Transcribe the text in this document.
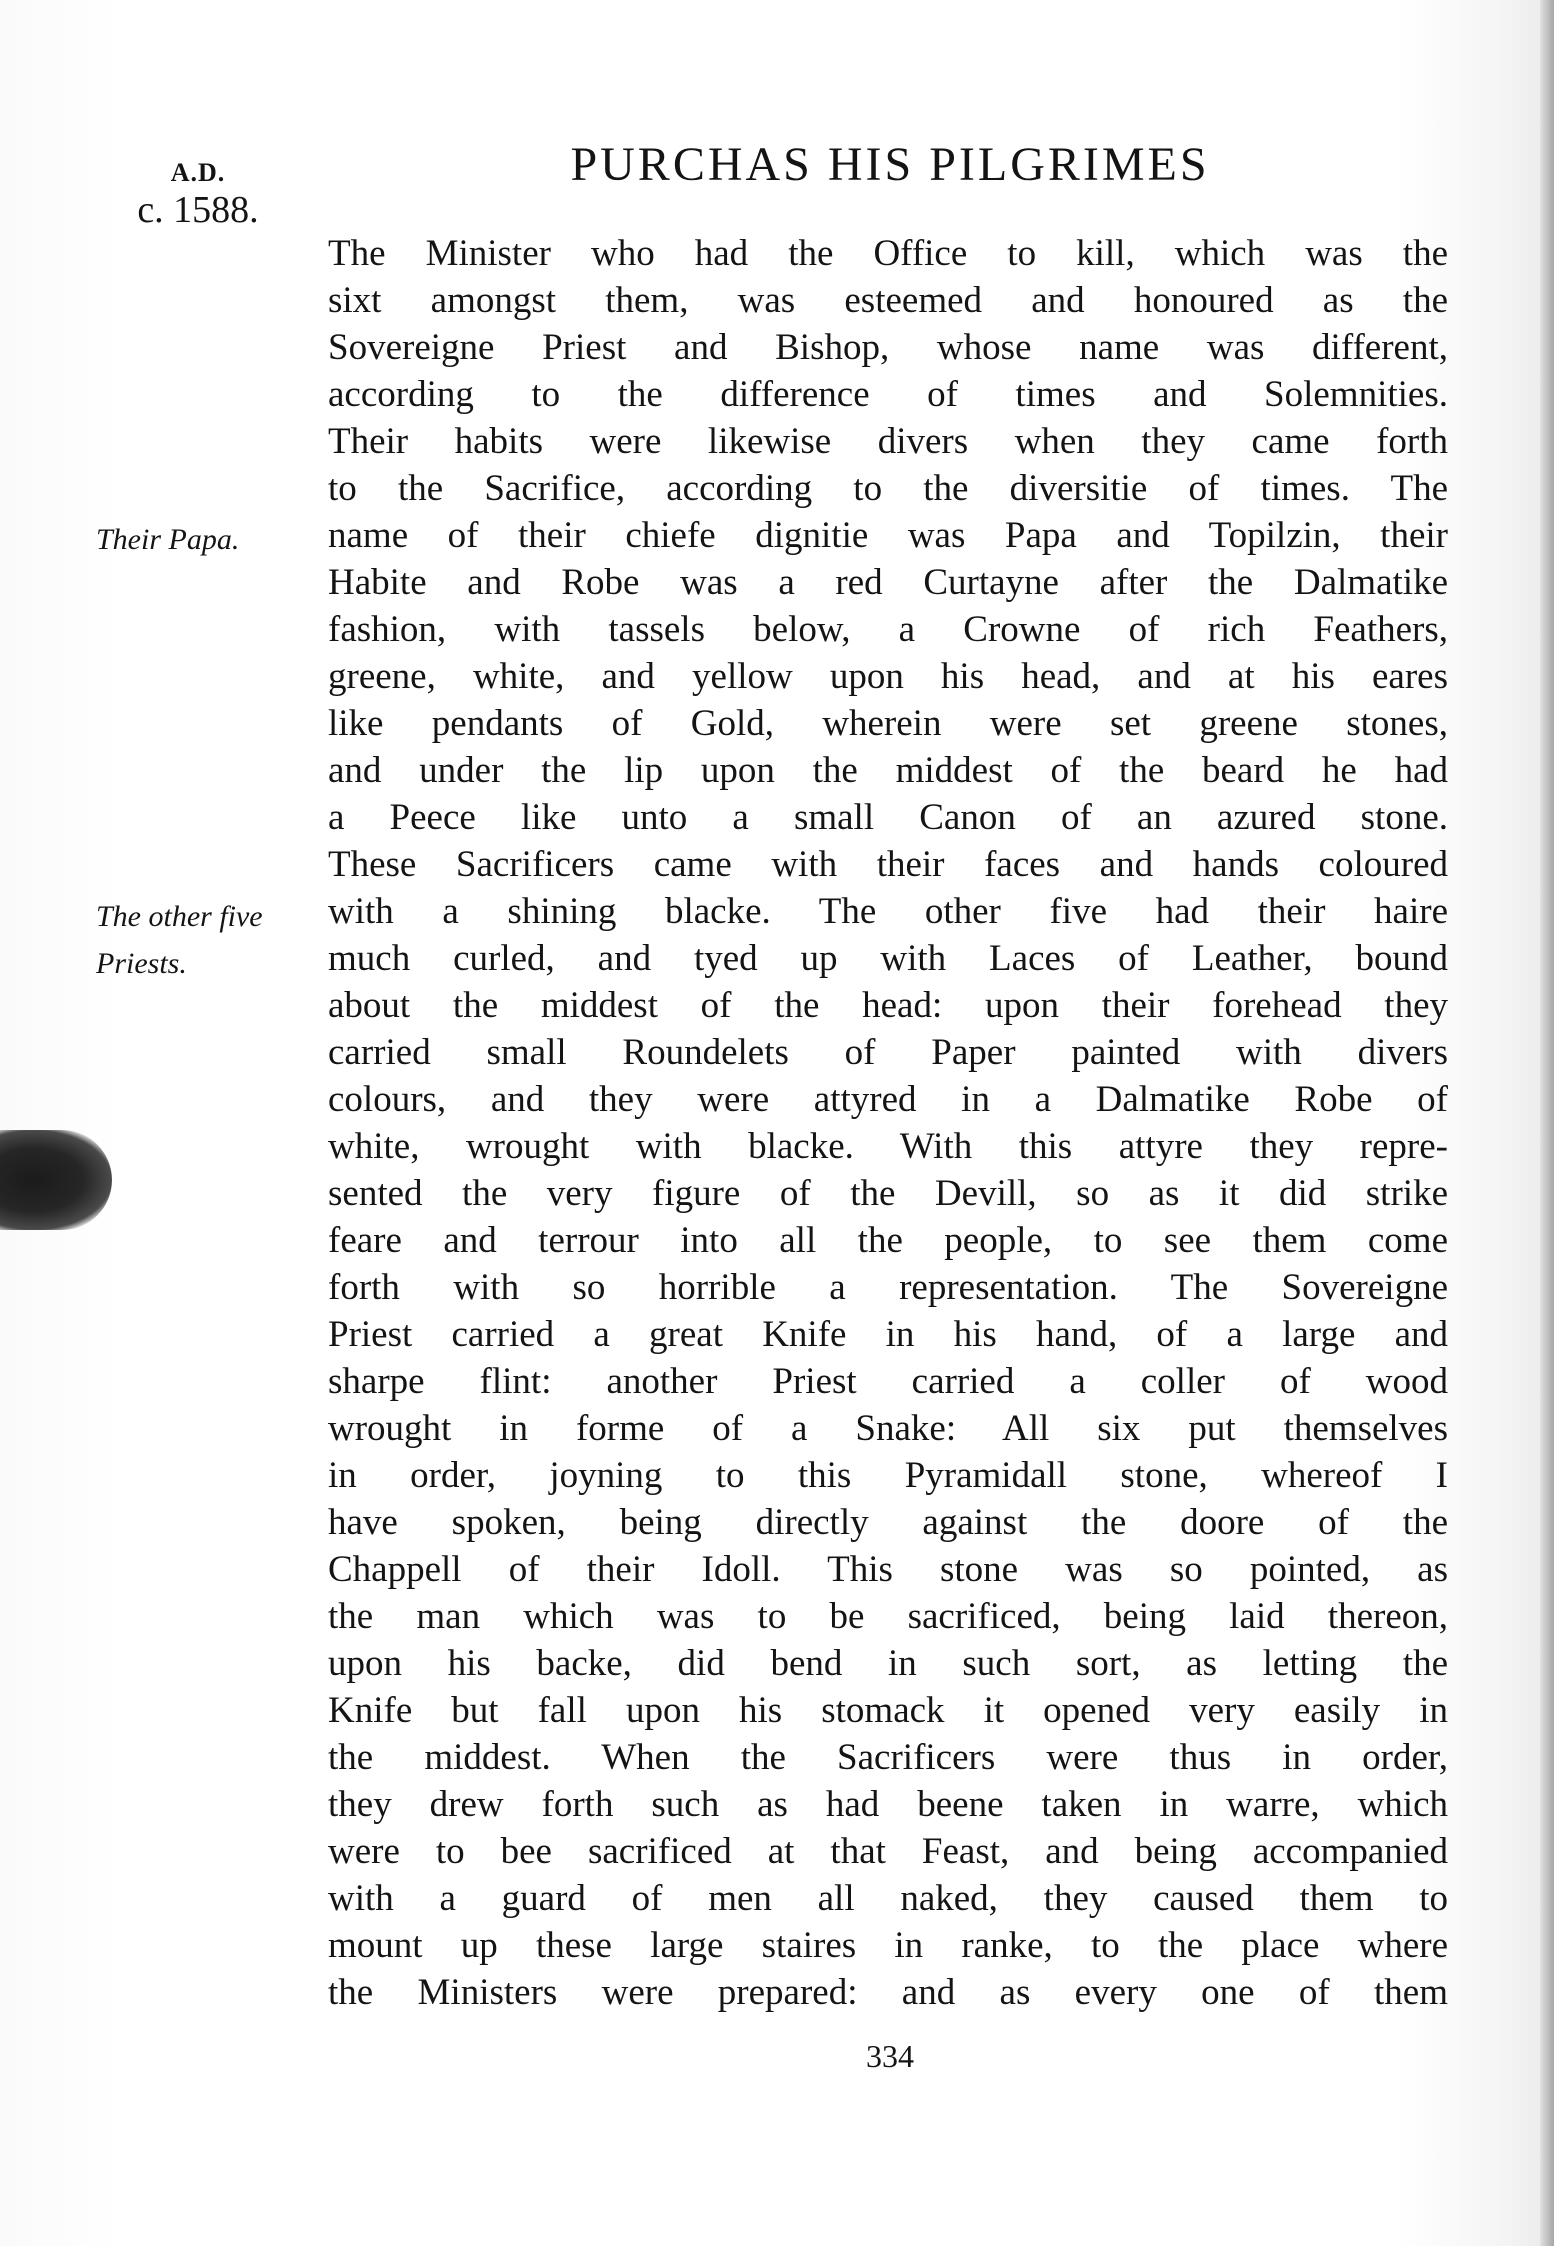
A.D.
c. 1588.
PURCHAS HIS PILGRIMES
Their Papa.
The other five
Priests.
The Minister who had the Office to kill, which was the
sixt amongst them, was esteemed and honoured as the
Sovereigne Priest and Bishop, whose name was different,
according to the difference of times and Solemnities.
Their habits were likewise divers when they came forth
to the Sacrifice, according to the diversitie of times. The
name of their chiefe dignitie was Papa and Topilzin, their
Habite and Robe was a red Curtayne after the Dalmatike
fashion, with tassels below, a Crowne of rich Feathers,
greene, white, and yellow upon his head, and at his eares
like pendants of Gold, wherein were set greene stones,
and under the lip upon the middest of the beard he had
a Peece like unto a small Canon of an azured stone.
These Sacrificers came with their faces and hands coloured
with a shining blacke. The other five had their haire
much curled, and tyed up with Laces of Leather, bound
about the middest of the head: upon their forehead they
carried small Roundelets of Paper painted with divers
colours, and they were attyred in a Dalmatike Robe of
white, wrought with blacke. With this attyre they repre-
sented the very figure of the Devill, so as it did strike
feare and terrour into all the people, to see them come
forth with so horrible a representation. The Sovereigne
Priest carried a great Knife in his hand, of a large and
sharpe flint: another Priest carried a coller of wood
wrought in forme of a Snake: All six put themselves
in order, joyning to this Pyramidall stone, whereof I
have spoken, being directly against the doore of the
Chappell of their Idoll. This stone was so pointed, as
the man which was to be sacrificed, being laid thereon,
upon his backe, did bend in such sort, as letting the
Knife but fall upon his stomack it opened very easily in
the middest. When the Sacrificers were thus in order,
they drew forth such as had beene taken in warre, which
were to bee sacrificed at that Feast, and being accompanied
with a guard of men all naked, they caused them to
mount up these large staires in ranke, to the place where
the Ministers were prepared: and as every one of them
334
